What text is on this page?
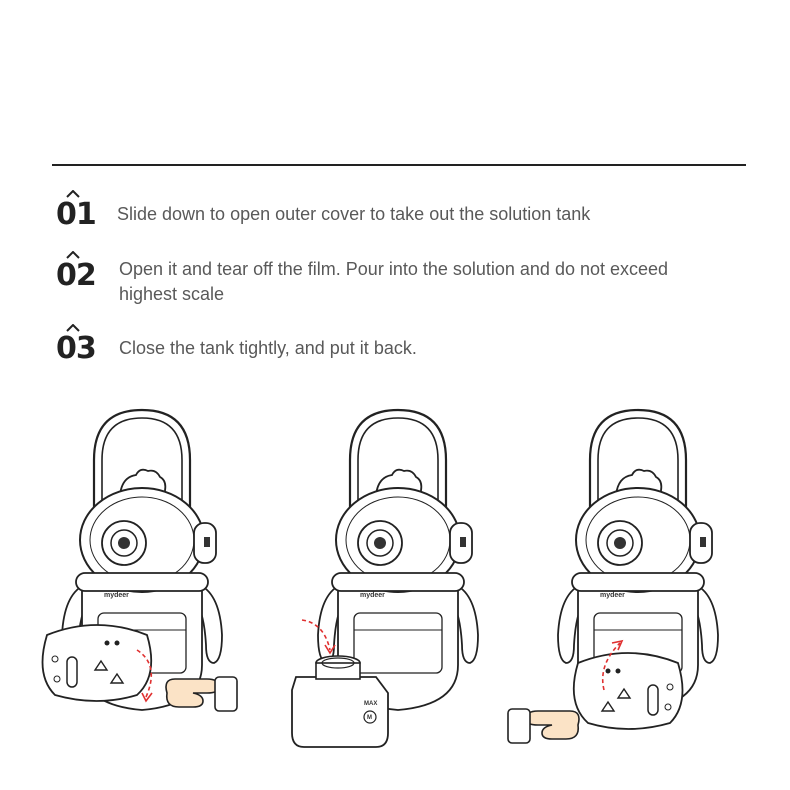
01	Slide down to open outer cover to take out the solution tank
02	Open it and tear off the film. Pour into the solution and do not exceed highest scale
03	Close the tank tightly, and put it back.
mydeer	mydeer
MAX
M
mydeer
